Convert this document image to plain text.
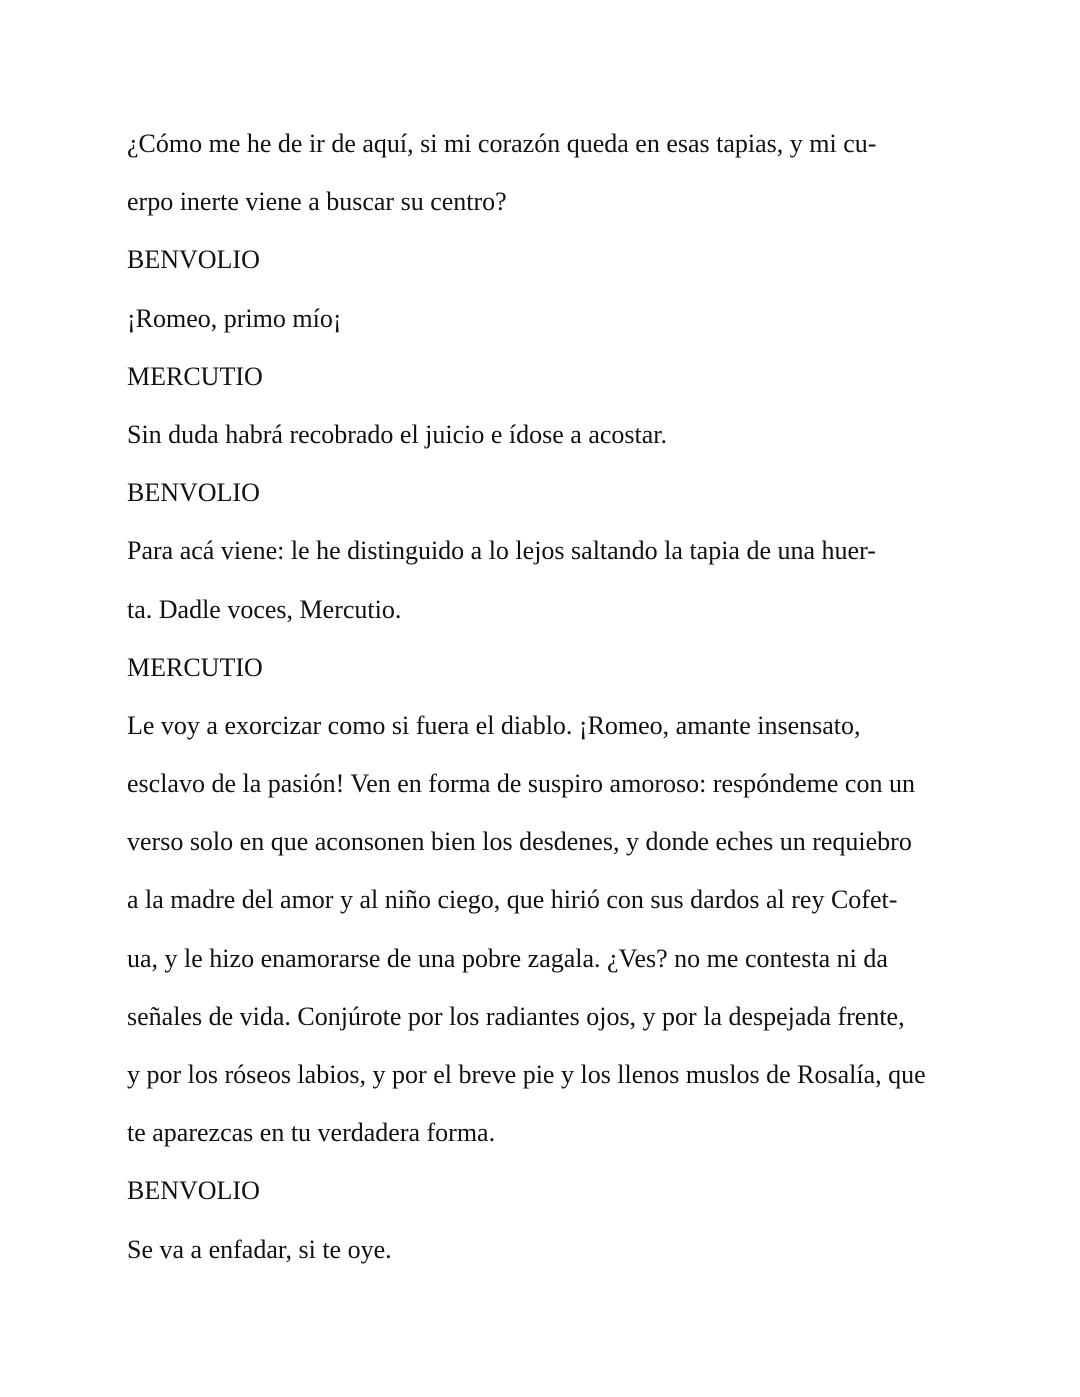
¿Cómo me he de ir de aquí, si mi corazón queda en esas tapias, y mi cu-
erpo inerte viene a buscar su centro?
BENVOLIO
¡Romeo, primo mío¡
MERCUTIO
Sin duda habrá recobrado el juicio e ídose a acostar.
BENVOLIO
Para acá viene: le he distinguido a lo lejos saltando la tapia de una huer-
ta. Dadle voces, Mercutio.
MERCUTIO
Le voy a exorcizar como si fuera el diablo. ¡Romeo, amante insensato,
esclavo de la pasión! Ven en forma de suspiro amoroso: respóndeme con un
verso solo en que aconsonen bien los desdenes, y donde eches un requiebro
a la madre del amor y al niño ciego, que hirió con sus dardos al rey Cofet-
ua, y le hizo enamorarse de una pobre zagala. ¿Ves? no me contesta ni da
señales de vida. Conjúrote por los radiantes ojos, y por la despejada frente,
y por los róseos labios, y por el breve pie y los llenos muslos de Rosalía, que
te aparezcas en tu verdadera forma.
BENVOLIO
Se va a enfadar, si te oye.
